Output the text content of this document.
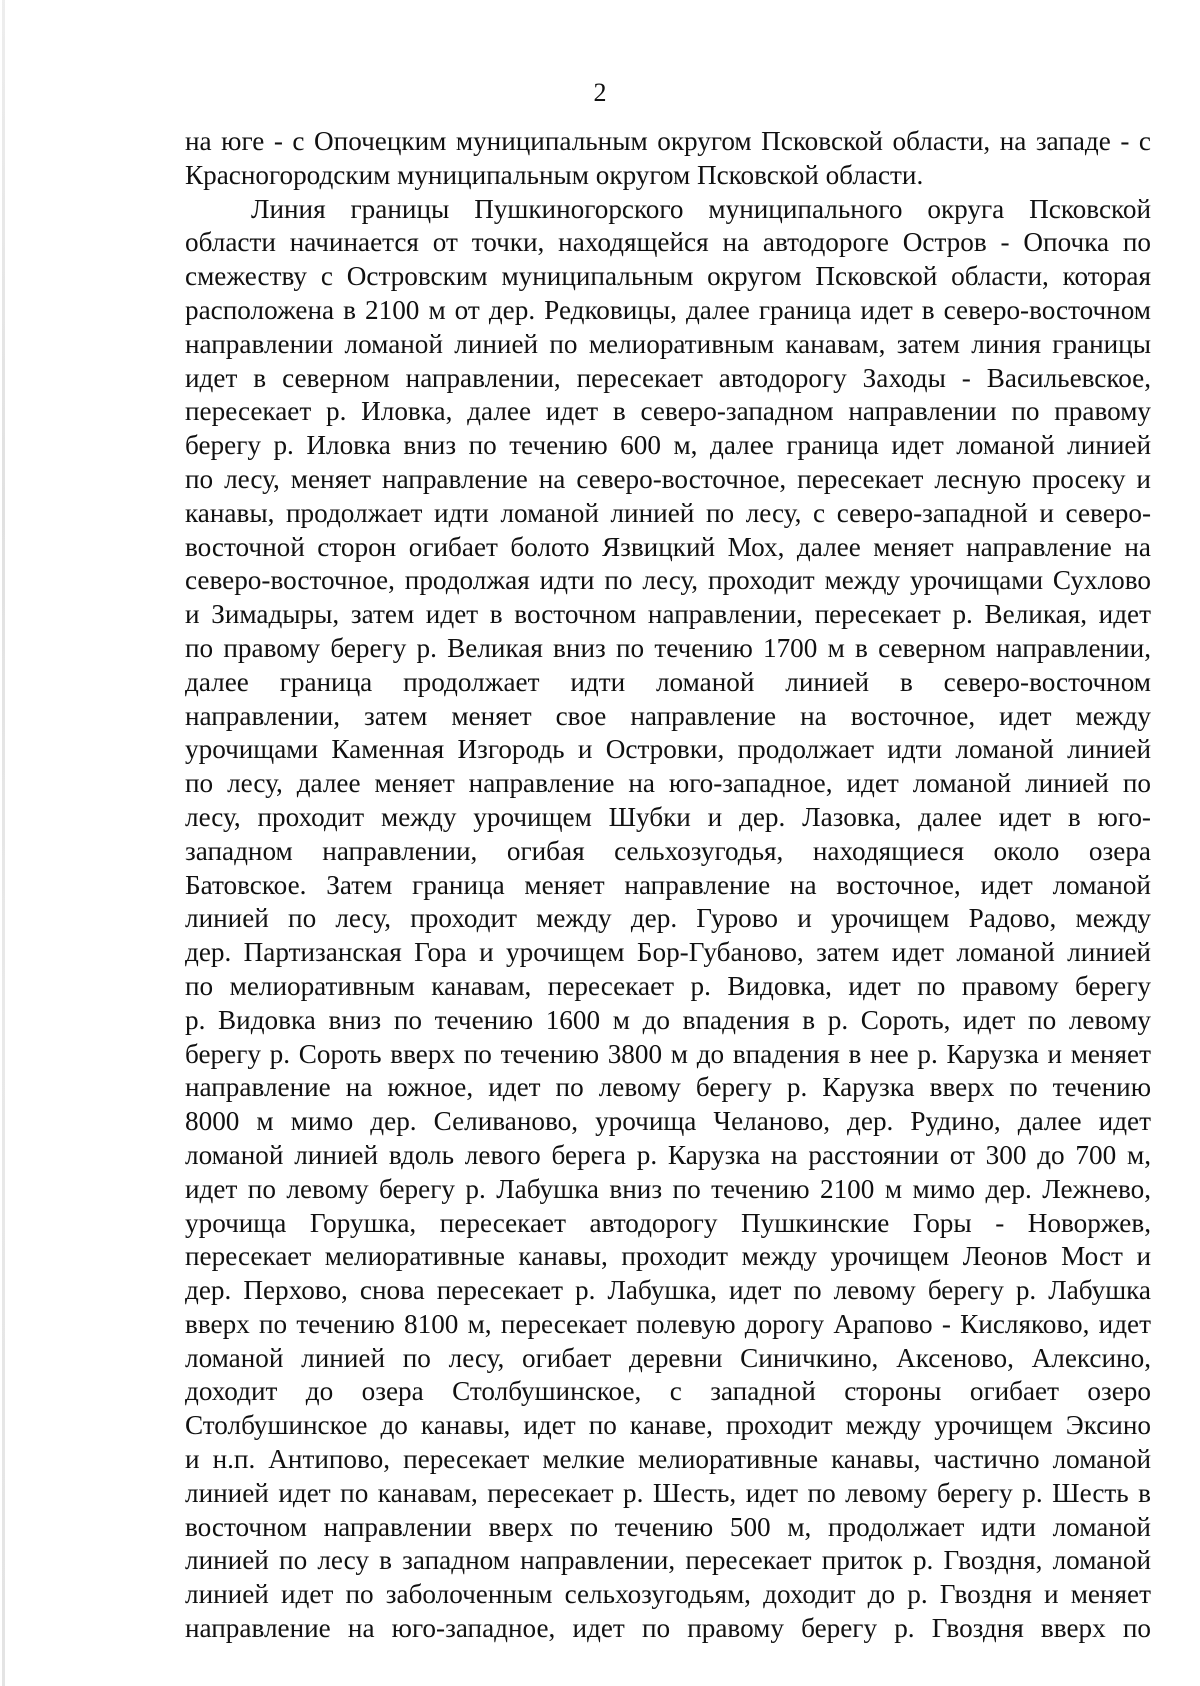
2
на юге - с Опочецким муниципальным округом Псковской области, на западе - с
Красногородским муниципальным округом Псковской области.
Линия границы Пушкиногорского муниципального округа Псковской
области начинается от точки, находящейся на автодороге Остров - Опочка по
смежеству с Островским муниципальным округом Псковской области, которая
расположена в 2100 м от дер. Редковицы, далее граница идет в северо-восточном
направлении ломаной линией по мелиоративным канавам, затем линия границы
идет в северном направлении, пересекает автодорогу Заходы - Васильевское,
пересекает р. Иловка, далее идет в северо-западном направлении по правому
берегу р. Иловка вниз по течению 600 м, далее граница идет ломаной линией
по лесу, меняет направление на северо-восточное, пересекает лесную просеку и
канавы, продолжает идти ломаной линией по лесу, с северо-западной и северо-
восточной сторон огибает болото Язвицкий Мох, далее меняет направление на
северо-восточное, продолжая идти по лесу, проходит между урочищами Сухлово
и Зимадыры, затем идет в восточном направлении, пересекает р. Великая, идет
по правому берегу р. Великая вниз по течению 1700 м в северном направлении,
далее граница продолжает идти ломаной линией в северо-восточном
направлении, затем меняет свое направление на восточное, идет между
урочищами Каменная Изгородь и Островки, продолжает идти ломаной линией
по лесу, далее меняет направление на юго-западное, идет ломаной линией по
лесу, проходит между урочищем Шубки и дер. Лазовка, далее идет в юго-
западном направлении, огибая сельхозугодья, находящиеся около озера
Батовское. Затем граница меняет направление на восточное, идет ломаной
линией по лесу, проходит между дер. Гурово и урочищем Радово, между
дер. Партизанская Гора и урочищем Бор-Губаново, затем идет ломаной линией
по мелиоративным канавам, пересекает р. Видовка, идет по правому берегу
р. Видовка вниз по течению 1600 м до впадения в р. Сороть, идет по левому
берегу р. Сороть вверх по течению 3800 м до впадения в нее р. Карузка и меняет
направление на южное, идет по левому берегу р. Карузка вверх по течению
8000 м мимо дер. Селиваново, урочища Челаново, дер. Рудино, далее идет
ломаной линией вдоль левого берега р. Карузка на расстоянии от 300 до 700 м,
идет по левому берегу р. Лабушка вниз по течению 2100 м мимо дер. Лежнево,
урочища Горушка, пересекает автодорогу Пушкинские Горы - Новоржев,
пересекает мелиоративные канавы, проходит между урочищем Леонов Мост и
дер. Перхово, снова пересекает р. Лабушка, идет по левому берегу р. Лабушка
вверх по течению 8100 м, пересекает полевую дорогу Арапово - Кисляково, идет
ломаной линией по лесу, огибает деревни Синичкино, Аксеново, Алексино,
доходит до озера Столбушинское, с западной стороны огибает озеро
Столбушинское до канавы, идет по канаве, проходит между урочищем Эксино
и н.п. Антипово, пересекает мелкие мелиоративные канавы, частично ломаной
линией идет по канавам, пересекает р. Шесть, идет по левому берегу р. Шесть в
восточном направлении вверх по течению 500 м, продолжает идти ломаной
линией по лесу в западном направлении, пересекает приток р. Гвоздня, ломаной
линией идет по заболоченным сельхозугодьям, доходит до р. Гвоздня и меняет
направление на юго-западное, идет по правому берегу р. Гвоздня вверх по
